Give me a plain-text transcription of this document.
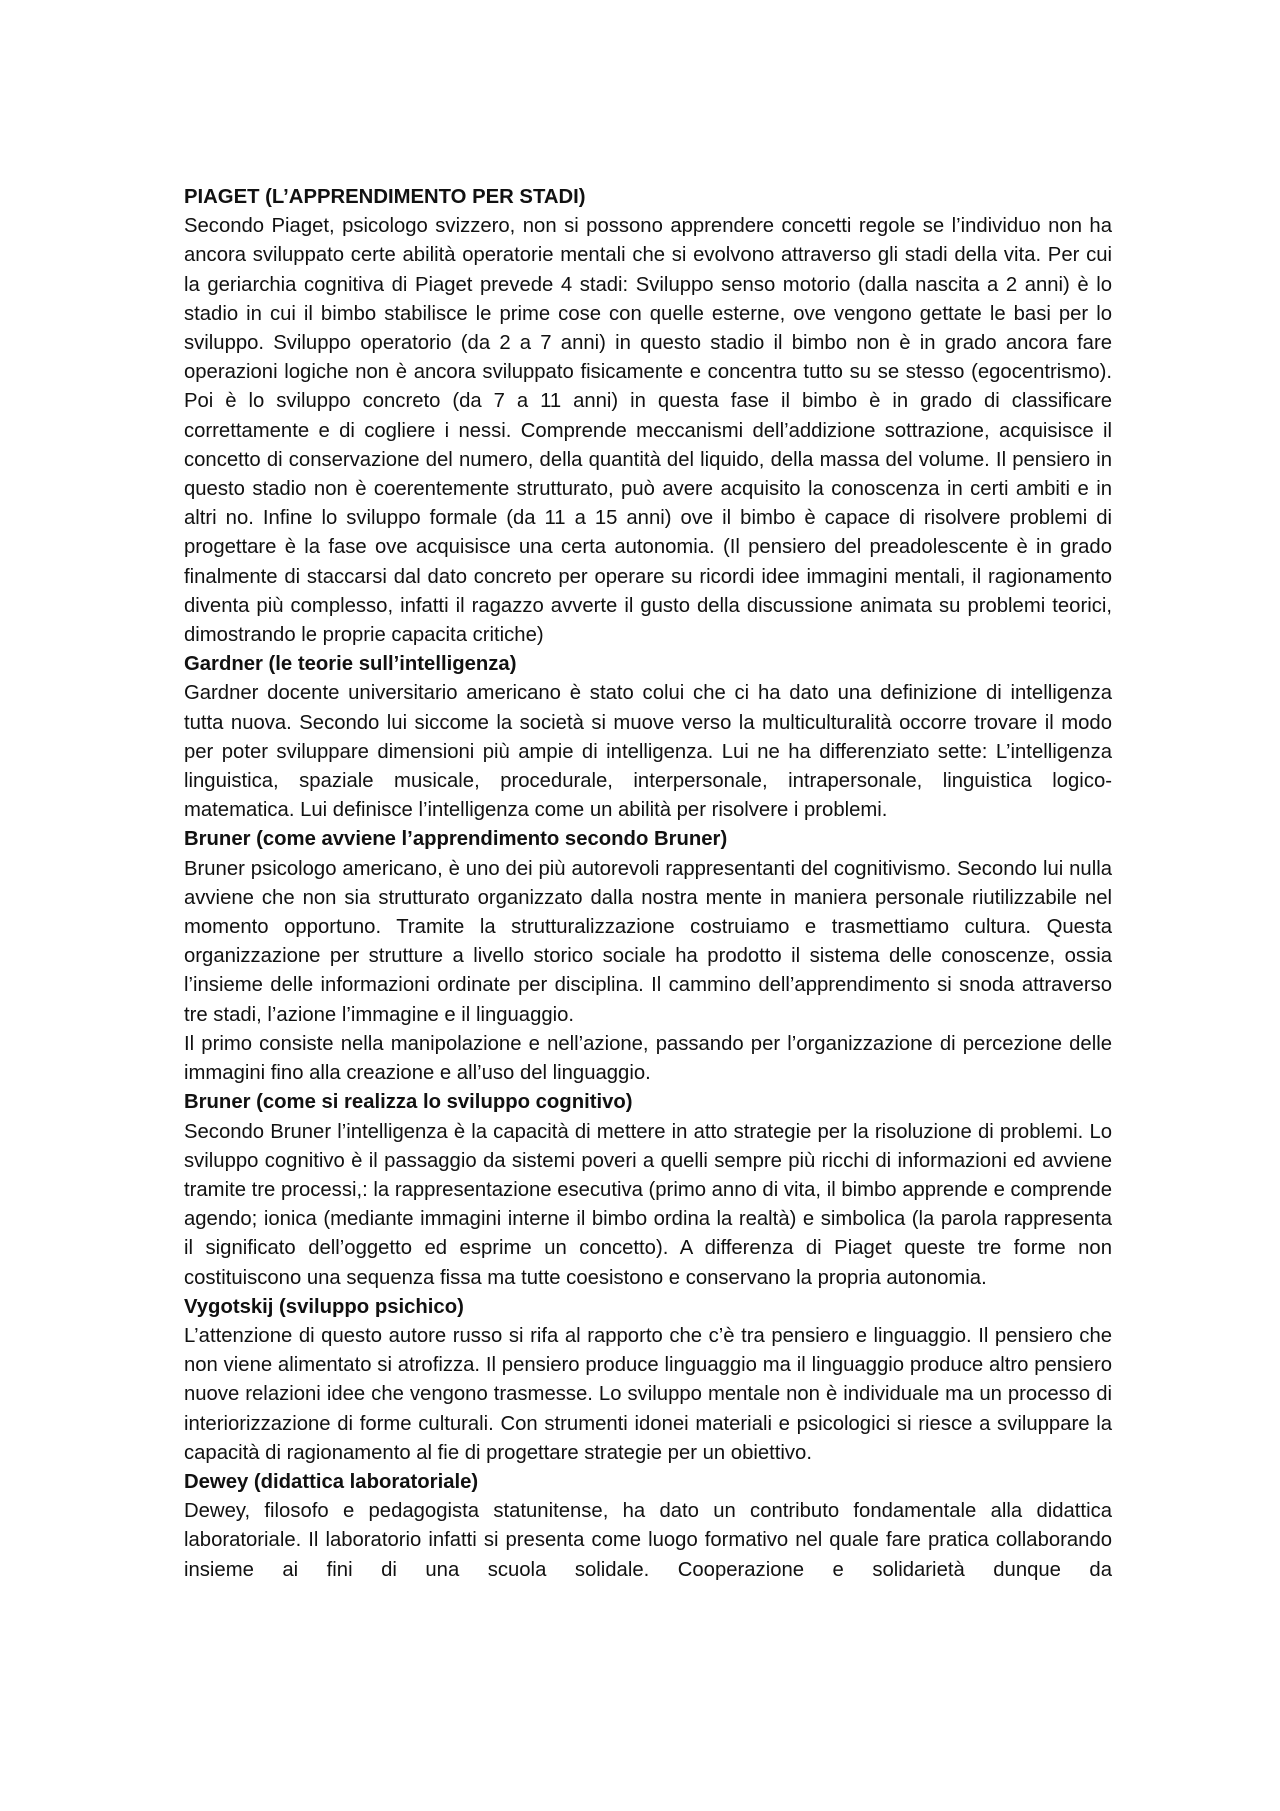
PIAGET (L’APPRENDIMENTO PER STADI)

Secondo Piaget, psicologo svizzero, non si possono apprendere concetti regole se l’individuo non ha ancora sviluppato certe abilità operatorie mentali che si evolvono attraverso gli stadi della vita. Per cui la geriarchia cognitiva di Piaget prevede 4 stadi: Sviluppo senso motorio (dalla nascita a 2 anni) è lo stadio in cui il bimbo stabilisce le prime cose con quelle esterne, ove vengono gettate le basi per lo sviluppo. Sviluppo operatorio (da 2 a 7 anni) in questo stadio il bimbo non è in grado ancora fare operazioni logiche non è ancora sviluppato fisicamente e concentra tutto su se stesso (egocentrismo). Poi è lo sviluppo concreto (da 7 a 11 anni) in questa fase il bimbo è in grado di classificare correttamente e di cogliere i nessi. Comprende meccanismi dell’addizione sottrazione, acquisisce il concetto di conservazione del numero, della quantità del liquido, della massa del volume. Il pensiero in questo stadio non è coerentemente strutturato, può avere acquisito la conoscenza in certi ambiti e in altri no. Infine lo sviluppo formale (da 11 a 15 anni) ove il bimbo è capace di risolvere problemi di progettare è la fase ove acquisisce una certa autonomia. (Il pensiero del preadolescente è in grado finalmente di staccarsi dal dato concreto per operare su ricordi idee immagini mentali, il ragionamento diventa più complesso, infatti il ragazzo avverte il gusto della discussione animata su problemi teorici, dimostrando le proprie capacita critiche)

Gardner (le teorie sull’intelligenza)

Gardner docente universitario americano è stato colui che ci ha dato una definizione di intelligenza tutta nuova. Secondo lui siccome la società si muove verso la multiculturalità occorre trovare il modo per poter sviluppare dimensioni più ampie di intelligenza. Lui ne ha differenziato sette: L’intelligenza linguistica, spaziale musicale, procedurale, interpersonale, intrapersonale, linguistica logico-matematica. Lui definisce l’intelligenza come un abilità per risolvere i problemi.

Bruner (come avviene l’apprendimento secondo Bruner)

Bruner psicologo americano, è uno dei più autorevoli rappresentanti del cognitivismo. Secondo lui nulla avviene che non sia strutturato organizzato dalla nostra mente in maniera personale riutilizzabile nel momento opportuno. Tramite la strutturalizzazione costruiamo e trasmettiamo cultura. Questa organizzazione per strutture a livello storico sociale ha prodotto il sistema delle conoscenze, ossia l’insieme delle informazioni ordinate per disciplina. Il cammino dell’apprendimento si snoda attraverso tre stadi, l’azione l’immagine e il linguaggio.

Il primo consiste nella manipolazione e nell’azione, passando per l’organizzazione di percezione delle immagini fino alla creazione e all’uso del linguaggio.

Bruner (come si realizza lo sviluppo cognitivo)

Secondo Bruner l’intelligenza è la capacità di mettere in atto strategie per la risoluzione di problemi. Lo sviluppo cognitivo è il passaggio da sistemi poveri a quelli sempre più ricchi di informazioni ed avviene tramite tre processi,: la rappresentazione esecutiva (primo anno di vita, il bimbo apprende e comprende agendo; ionica (mediante immagini interne il bimbo ordina la realtà) e simbolica (la parola rappresenta il significato dell’oggetto ed esprime un concetto). A differenza di Piaget queste tre forme non costituiscono una sequenza fissa ma tutte coesistono e conservano la propria autonomia.

Vygotskij (sviluppo psichico)

L’attenzione di questo autore russo si rifa al rapporto che c’è tra pensiero e linguaggio. Il pensiero che non viene alimentato si atrofizza. Il pensiero produce linguaggio ma il linguaggio produce altro pensiero nuove relazioni idee che vengono trasmesse. Lo sviluppo mentale non è individuale ma un processo di interiorizzazione di forme culturali. Con strumenti idonei materiali e psicologici si riesce a sviluppare la capacità di ragionamento al fie di progettare strategie per un obiettivo.

Dewey (didattica laboratoriale)

Dewey, filosofo e pedagogista statunitense, ha dato un contributo fondamentale alla didattica laboratoriale. Il laboratorio infatti si presenta come luogo formativo nel quale fare pratica collaborando insieme ai fini di una scuola solidale. Cooperazione e solidarietà dunque da
